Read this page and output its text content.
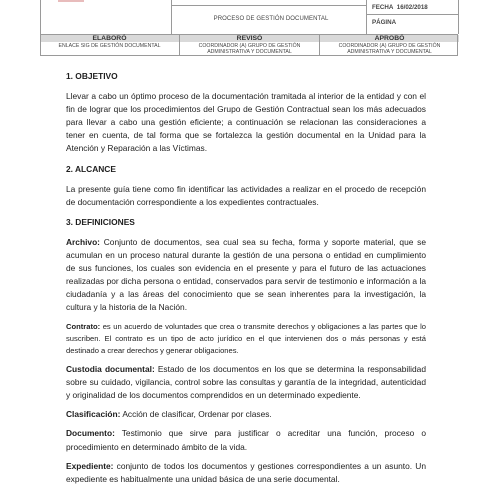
PROCESO DE GESTIÓN DOCUMENTAL
FECHA 16/02/2018
PÁGINA
ELABORÓ
ENLACE SIG DE GESTIÓN DOCUMENTAL
REVISÓ
COORDINADOR (A) GRUPO DE GESTIÓN ADMINISTRATIVA Y DOCUMENTAL
APROBÓ
COORDINADOR (A) GRUPO DE GESTIÓN ADMINISTRATIVA Y DOCUMENTAL

1. OBJETIVO

Llevar a cabo un óptimo proceso de la documentación tramitada al interior de la entidad y con el fin de lograr que los procedimientos del Grupo de Gestión Contractual sean los más adecuados para llevar a cabo una gestión eficiente; a continuación se relacionan las consideraciones a tener en cuenta, de tal forma que se fortalezca la gestión documental en la Unidad para la Atención y Reparación a las Víctimas.

2. ALCANCE

La presente guía tiene como fin identificar las actividades a realizar en el procedo de recepción de documentación correspondiente a los expedientes contractuales.

3. DEFINICIONES

Archivo: Conjunto de documentos, sea cual sea su fecha, forma y soporte material, que se acumulan en un proceso natural durante la gestión de una persona o entidad en cumplimiento de sus funciones, los cuales son evidencia en el presente y para el futuro de las actuaciones realizadas por dicha persona o entidad, conservados para servir de testimonio e información a la ciudadanía y a las áreas del conocimiento que se sean inherentes para la investigación, la cultura y la historia de la Nación.

Contrato: es un acuerdo de voluntades que crea o transmite derechos y obligaciones a las partes que lo suscriben. El contrato es un tipo de acto jurídico en el que intervienen dos o más personas y está destinado a crear derechos y generar obligaciones.

Custodia documental: Estado de los documentos en los que se determina la responsabilidad sobre su cuidado, vigilancia, control sobre las consultas y garantía de la integridad, autenticidad y originalidad de los documentos comprendidos en un determinado expediente.

Clasificación: Acción de clasificar, Ordenar por clases.

Documento: Testimonio que sirve para justificar o acreditar una función, proceso o procedimiento en determinado ámbito de la vida.

Expediente: conjunto de todos los documentos y gestiones correspondientes a un asunto. Un expediente es habitualmente una unidad básica de una serie documental.
